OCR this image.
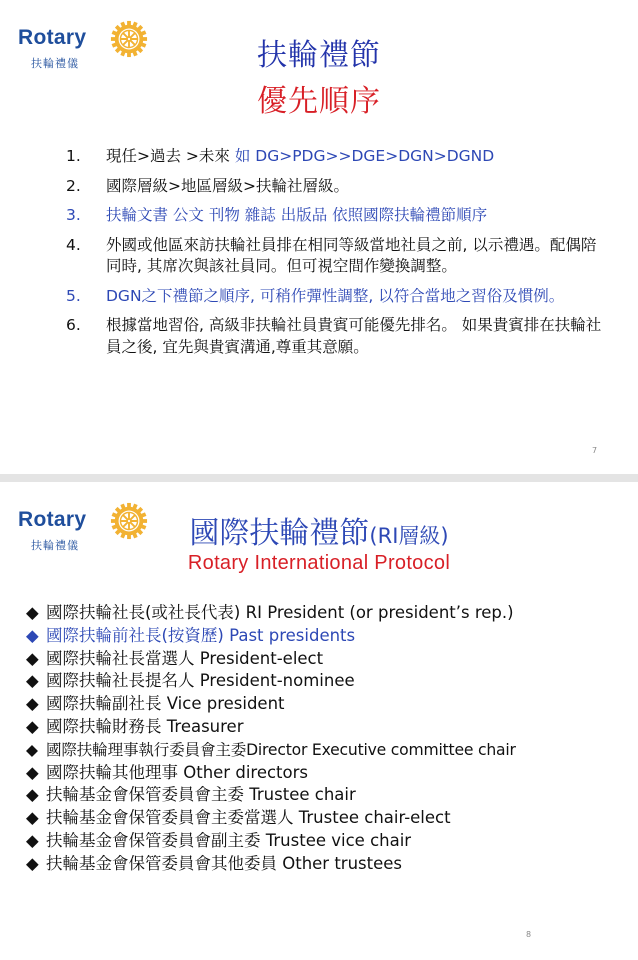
Rotary
扶輪禮儀	扶輪禮節
優先順序
1. 現任>過去 >未來 如 DG>PDG>>DGE>DGN>DGND
2. 國際層級>地區層級>扶輪社層級。
3. 扶輪文書 公文 刊物 雜誌 出版品 依照國際扶輪禮節順序
4. 外國或他區來訪扶輪社員排在相同等級當地社員之前, 以示禮遇。配偶陪同時, 其席次與該社員同。但可視空間作變換調整。
5. DGN之下禮節之順序, 可稍作彈性調整, 以符合當地之習俗及慣例。
6. 根據當地習俗, 高級非扶輪社員貴賓可能優先排名。 如果貴賓排在扶輪社員之後, 宜先與貴賓溝通,尊重其意願。
7
Rotary
扶輪禮儀	國際扶輪禮節(RI層級)
Rotary International Protocol
◆ 國際扶輪社長(或社長代表) RI President (or president’s rep.)
◆ 國際扶輪前社長(按資歷) Past presidents
◆ 國際扶輪社長當選人 President-elect
◆ 國際扶輪社長提名人 President-nominee
◆ 國際扶輪副社長 Vice president
◆ 國際扶輪財務長 Treasurer
◆ 國際扶輪理事執行委員會主委Director Executive committee chair
◆ 國際扶輪其他理事 Other directors
◆ 扶輪基金會保管委員會主委 Trustee chair
◆ 扶輪基金會保管委員會主委當選人 Trustee chair-elect
◆ 扶輪基金會保管委員會副主委 Trustee vice chair
◆ 扶輪基金會保管委員會其他委員 Other trustees
8
